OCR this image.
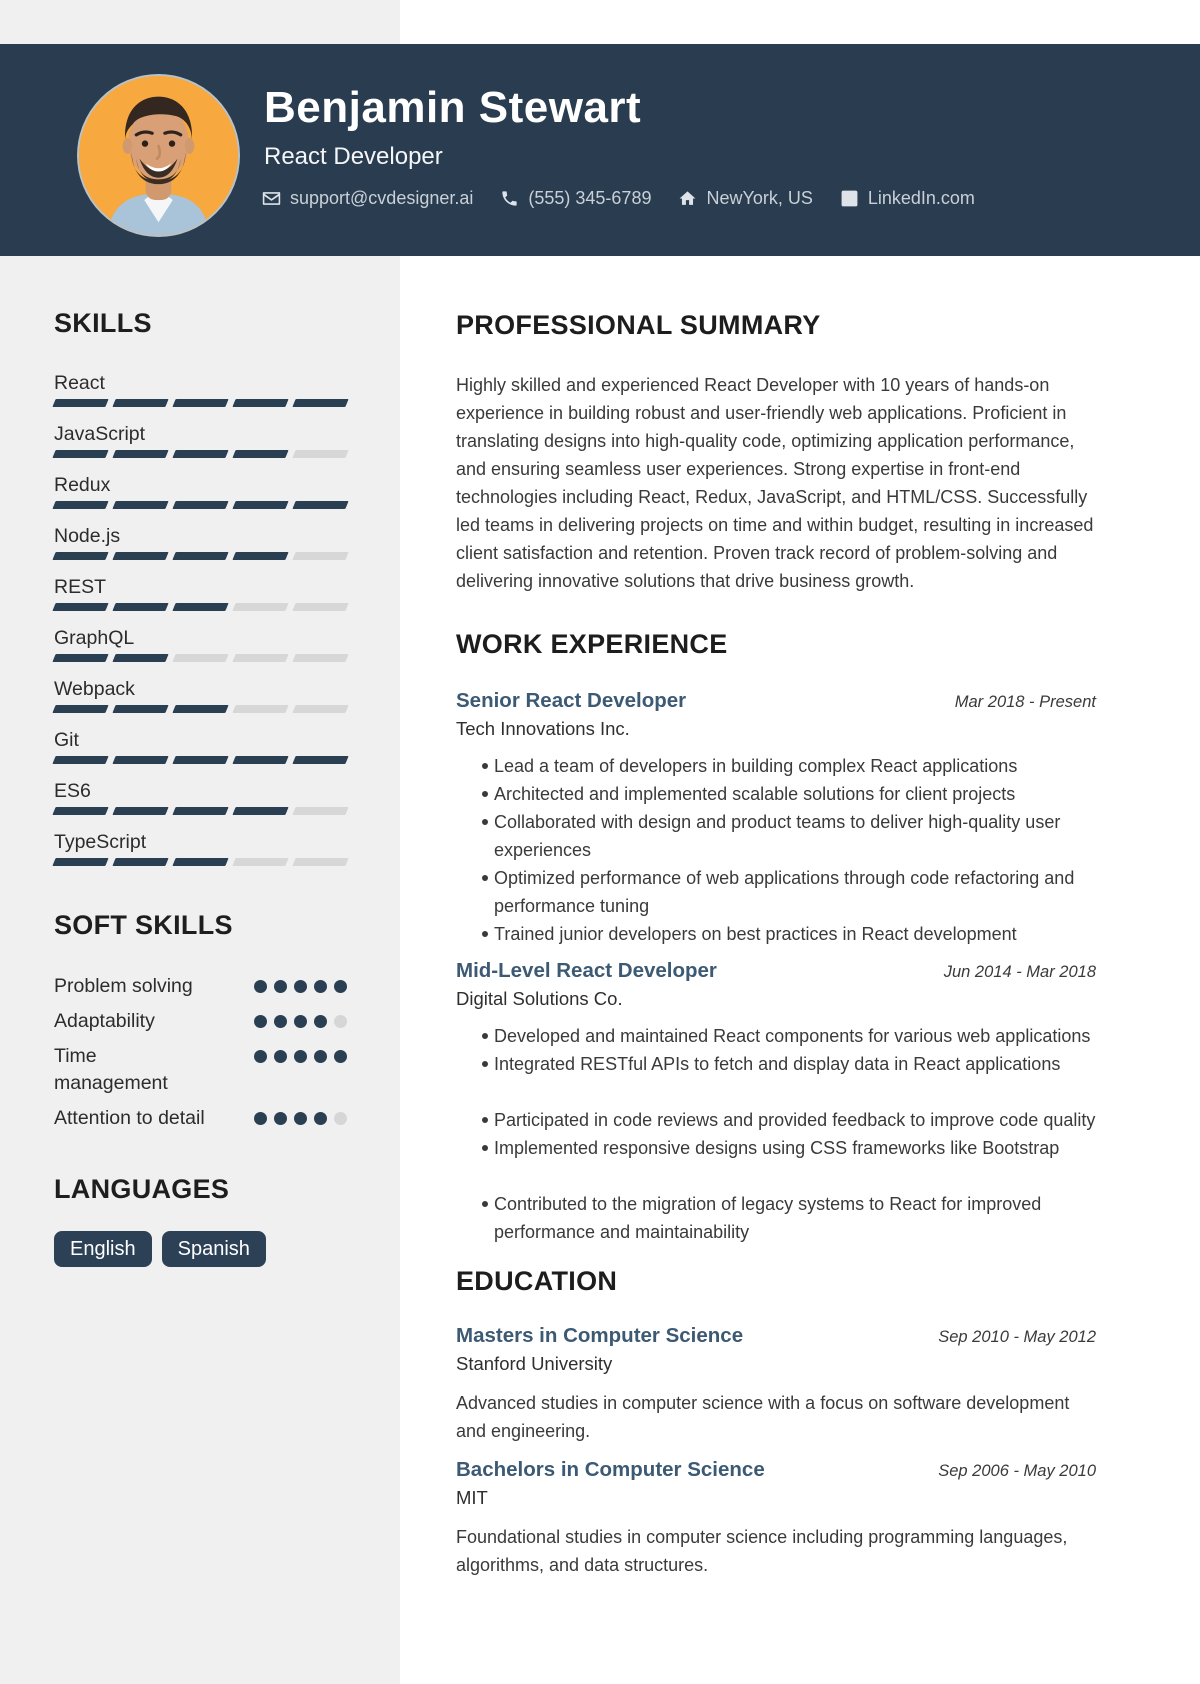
Benjamin Stewart
React Developer
support@cvdesigner.ai	(555) 345-6789	NewYork, US	LinkedIn.com
SKILLS
React
JavaScript
Redux
Node.js
REST
GraphQL
Webpack
Git
ES6
TypeScript
SOFT SKILLS
Problem solving
Adaptability
Time management
Attention to detail
LANGUAGES
English	Spanish
PROFESSIONAL SUMMARY

Highly skilled and experienced React Developer with 10 years of hands-on experience in building robust and user-friendly web applications. Proficient in translating designs into high-quality code, optimizing application performance, and ensuring seamless user experiences. Strong expertise in front-end technologies including React, Redux, JavaScript, and HTML/CSS. Successfully led teams in delivering projects on time and within budget, resulting in increased client satisfaction and retention. Proven track record of problem-solving and delivering innovative solutions that drive business growth.

WORK EXPERIENCE
Senior React Developer	Mar 2018 - Present
Tech Innovations Inc.
Lead a team of developers in building complex React applications
Architected and implemented scalable solutions for client projects
Collaborated with design and product teams to deliver high-quality user experiences
Optimized performance of web applications through code refactoring and performance tuning
Trained junior developers on best practices in React development
Mid-Level React Developer	Jun 2014 - Mar 2018
Digital Solutions Co.
Developed and maintained React components for various web applications
Integrated RESTful APIs to fetch and display data in React applications
Participated in code reviews and provided feedback to improve code quality
Implemented responsive designs using CSS frameworks like Bootstrap
Contributed to the migration of legacy systems to React for improved performance and maintainability
EDUCATION
Masters in Computer Science	Sep 2010 - May 2012
Stanford University

Advanced studies in computer science with a focus on software development and engineering.

Bachelors in Computer Science	Sep 2006 - May 2010
MIT

Foundational studies in computer science including programming languages, algorithms, and data structures.
